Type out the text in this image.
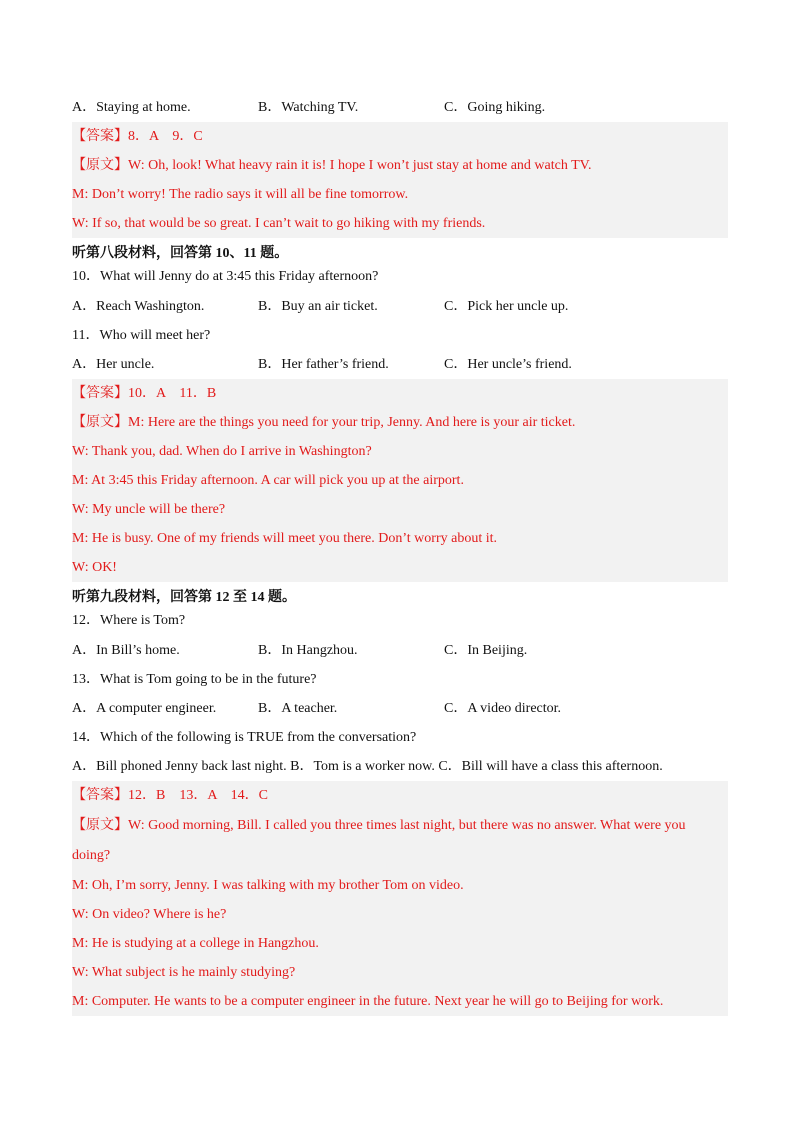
A．Staying at home.	B．Watching TV.	C．Going hiking.
【答案】8．A　9．C
【原文】W: Oh, look! What heavy rain it is! I hope I won’t just stay at home and watch TV.
M: Don’t worry! The radio says it will all be fine tomorrow.
W: If so, that would be so great. I can’t wait to go hiking with my friends.
听第八段材料，回答第 10、11 题。
10．What will Jenny do at 3:45 this Friday afternoon?
A．Reach Washington.	B．Buy an air ticket.	C．Pick her uncle up.
11．Who will meet her?
A．Her uncle.	B．Her father’s friend.	C．Her uncle’s friend.
【答案】10．A　11．B
【原文】M: Here are the things you need for your trip, Jenny. And here is your air ticket.
W: Thank you, dad. When do I arrive in Washington?
M: At 3:45 this Friday afternoon. A car will pick you up at the airport.
W: My uncle will be there?
M: He is busy. One of my friends will meet you there. Don’t worry about it.
W: OK!
听第九段材料，回答第 12 至 14 题。
12．Where is Tom?
A．In Bill’s home.	B．In Hangzhou.	C．In Beijing.
13．What is Tom going to be in the future?
A．A computer engineer.	B．A teacher.	C．A video director.
14．Which of the following is TRUE from the conversation?
A．Bill phoned Jenny back last night. B．Tom is a worker now. C．Bill will have a class this afternoon.
【答案】12．B　13．A　14．C
【原文】W: Good morning, Bill. I called you three times last night, but there was no answer. What were you
doing?
M: Oh, I’m sorry, Jenny. I was talking with my brother Tom on video.
W: On video? Where is he?
M: He is studying at a college in Hangzhou.
W: What subject is he mainly studying?
M: Computer. He wants to be a computer engineer in the future. Next year he will go to Beijing for work.
